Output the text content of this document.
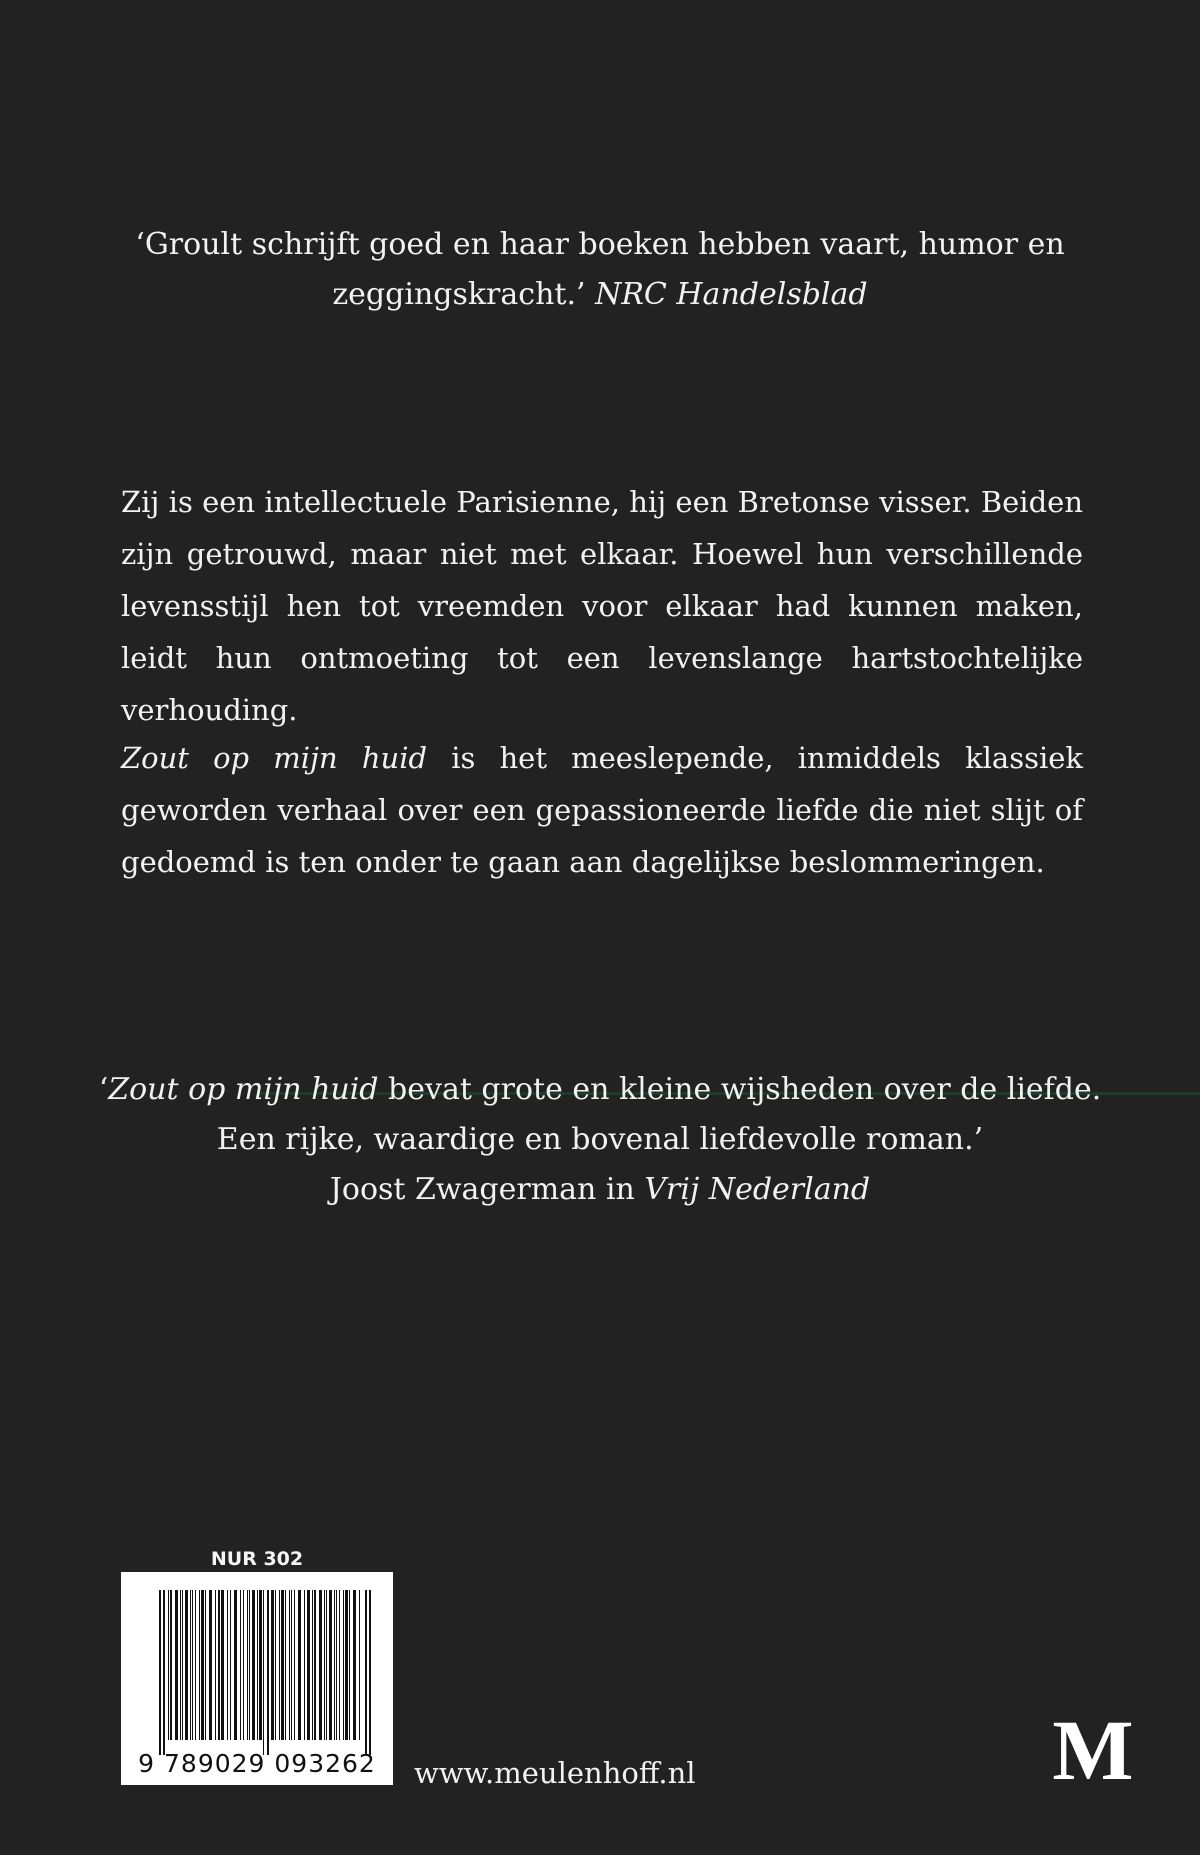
‘Groult schrijft goed en haar boeken hebben vaart, humor en
zeggingskracht.’ NRC Handelsblad

Zij is een intellectuele Parisienne, hij een Bretonse visser. Beiden zijn getrouwd, maar niet met elkaar. Hoewel hun verschillende levensstijl hen tot vreemden voor elkaar had kunnen maken, leidt hun ontmoeting tot een levenslange hartstochtelijke verhouding.

Zout op mijn huid is het meeslepende, inmiddels klassiek geworden verhaal over een gepassioneerde liefde die niet slijt of gedoemd is ten onder te gaan aan dagelijkse beslommeringen.

‘Zout op mijn huid bevat grote en kleine wijsheden over de liefde.
Een rijke, waardige en bovenal liefdevolle roman.’
Joost Zwagerman in Vrij Nederland
NUR 302
9 789029 093262	www.meulenhoff.nl	M
